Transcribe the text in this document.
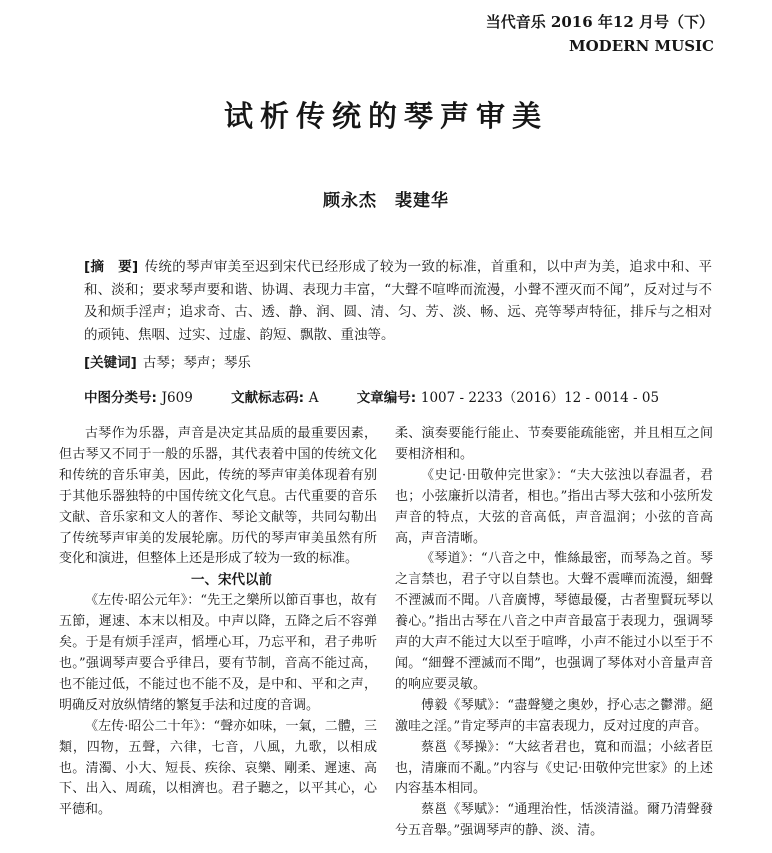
当代音乐 2016 年12 月号（下）
MODERN MUSIC
试析传统的琴声审美
顾永杰　裴建华
[摘　要] 传统的琴声审美至迟到宋代已经形成了较为一致的标准，首重和，以中声为美，追求中和、平和、淡和；要求琴声要和谐、协调、表现力丰富，“大聲不喧哗而流漫，小聲不湮灭而不闻”，反对过与不及和烦手淫声；追求奇、古、透、静、润、圆、清、匀、芳、淡、畅、远、亮等琴声特征，排斥与之相对的顽钝、焦咽、过实、过虚、韵短、飘散、重浊等。
[关键词] 古琴；琴声；琴乐
中图分类号: J609	文献标志码: A	文章编号: 1007 - 2233（2016）12 - 0014 - 05

古琴作为乐器，声音是决定其品质的最重要因素，但古琴又不同于一般的乐器，其代表着中国的传统文化和传统的音乐审美，因此，传统的琴声审美体现着有别于其他乐器独特的中国传统文化气息。古代重要的音乐文献、音乐家和文人的著作、琴论文献等，共同勾勒出了传统琴声审美的发展轮廓。历代的琴声审美虽然有所变化和演进，但整体上还是形成了较为一致的标准。

一、宋代以前

《左传·昭公元年》：“先王之樂所以節百事也，故有五節，遲速、本末以相及。中声以降，五降之后不容弹矣。于是有烦手淫声，慆堙心耳，乃忘平和，君子弗听也。”强调琴声要合乎律吕，要有节制，音高不能过高，也不能过低，不能过也不能不及，是中和、平和之声，明确反对放纵情绪的繁复手法和过度的音调。

《左传·昭公二十年》：“聲亦如味，一氣，二體，三類，四物，五聲，六律，七音，八風，九歌，以相成也。清濁、小大、短長、疾徐、哀樂、剛柔、遲速、高下、出入、周疏，以相濟也。君子聽之，以平其心，心平德和。

柔、演奏要能行能止、节奏要能疏能密，并且相互之间要相济相和。

《史记·田敬仲完世家》：“夫大弦浊以春温者，君也；小弦廉折以清者，相也。”指出古琴大弦和小弦所发声音的特点，大弦的音高低，声音温润；小弦的音高高，声音清晰。

《琴道》：“八音之中，惟絲最密，而琴為之首。琴之言禁也，君子守以自禁也。大聲不震嘩而流漫，細聲不湮滅而不聞。八音廣博，琴德最優，古者聖賢玩琴以養心。”指出古琴在八音之中声音最富于表现力，强调琴声的大声不能过大以至于喧哗，小声不能过小以至于不闻。“細聲不湮滅而不聞”，也强调了琴体对小音量声音的响应要灵敏。

傅毅《琴赋》：“盡聲變之奥妙，抒心志之鬱滞。絕激哇之淫。”肯定琴声的丰富表现力，反对过度的声音。

蔡邕《琴操》：“大絃者君也，寬和而温；小絃者臣也，清廉而不亂。”内容与《史记·田敬仲完世家》的上述内容基本相同。

蔡邕《琴赋》：“通理治性，恬淡清溢。爾乃清聲發兮五音舉。”强调琴声的静、淡、清。
